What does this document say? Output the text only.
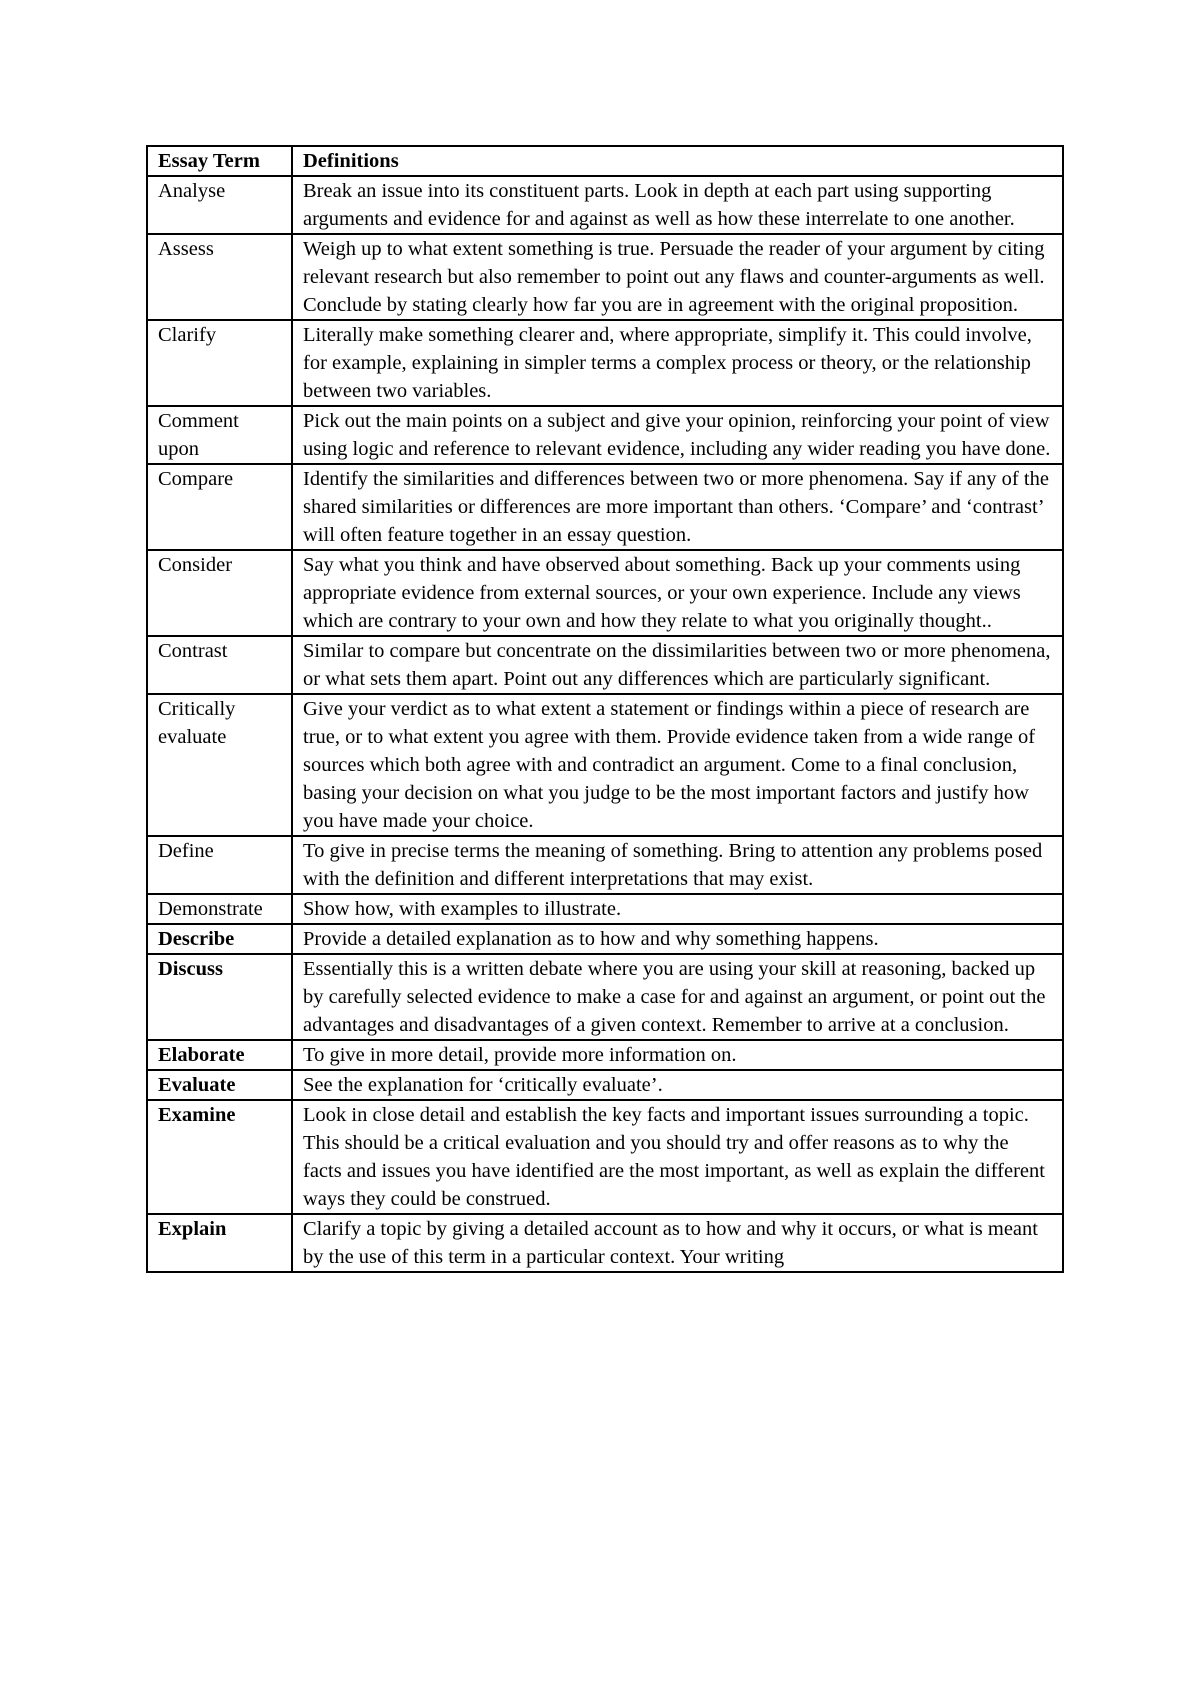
Essay Term	Definitions
Analyse	Break an issue into its constituent parts. Look in depth at each part using supporting arguments and evidence for and against as well as how these interrelate to one another.
Assess	Weigh up to what extent something is true. Persuade the reader of your argument by citing relevant research but also remember to point out any flaws and counter-arguments as well. Conclude by stating clearly how far you are in agreement with the original proposition.
Clarify	Literally make something clearer and, where appropriate, simplify it. This could involve, for example, explaining in simpler terms a complex process or theory, or the relationship between two variables.
Comment upon	Pick out the main points on a subject and give your opinion, reinforcing your point of view using logic and reference to relevant evidence, including any wider reading you have done.
Compare	Identify the similarities and differences between two or more phenomena. Say if any of the shared similarities or differences are more important than others. ‘Compare’ and ‘contrast’ will often feature together in an essay question.
Consider	Say what you think and have observed about something. Back up your comments using appropriate evidence from external sources, or your own experience. Include any views which are contrary to your own and how they relate to what you originally thought..
Contrast	Similar to compare but concentrate on the dissimilarities between two or more phenomena, or what sets them apart. Point out any differences which are particularly significant.
Critically evaluate	Give your verdict as to what extent a statement or findings within a piece of research are true, or to what extent you agree with them. Provide evidence taken from a wide range of sources which both agree with and contradict an argument. Come to a final conclusion, basing your decision on what you judge to be the most important factors and justify how you have made your choice.
Define	To give in precise terms the meaning of something. Bring to attention any problems posed with the definition and different interpretations that may exist.
Demonstrate	Show how, with examples to illustrate.
Describe	Provide a detailed explanation as to how and why something happens.
Discuss	Essentially this is a written debate where you are using your skill at reasoning, backed up by carefully selected evidence to make a case for and against an argument, or point out the advantages and disadvantages of a given context. Remember to arrive at a conclusion.
Elaborate	To give in more detail, provide more information on.
Evaluate	See the explanation for ‘critically evaluate’.
Examine	Look in close detail and establish the key facts and important issues surrounding a topic. This should be a critical evaluation and you should try and offer reasons as to why the facts and issues you have identified are the most important, as well as explain the different ways they could be construed.
Explain	Clarify a topic by giving a detailed account as to how and why it occurs, or what is meant by the use of this term in a particular context. Your writing
